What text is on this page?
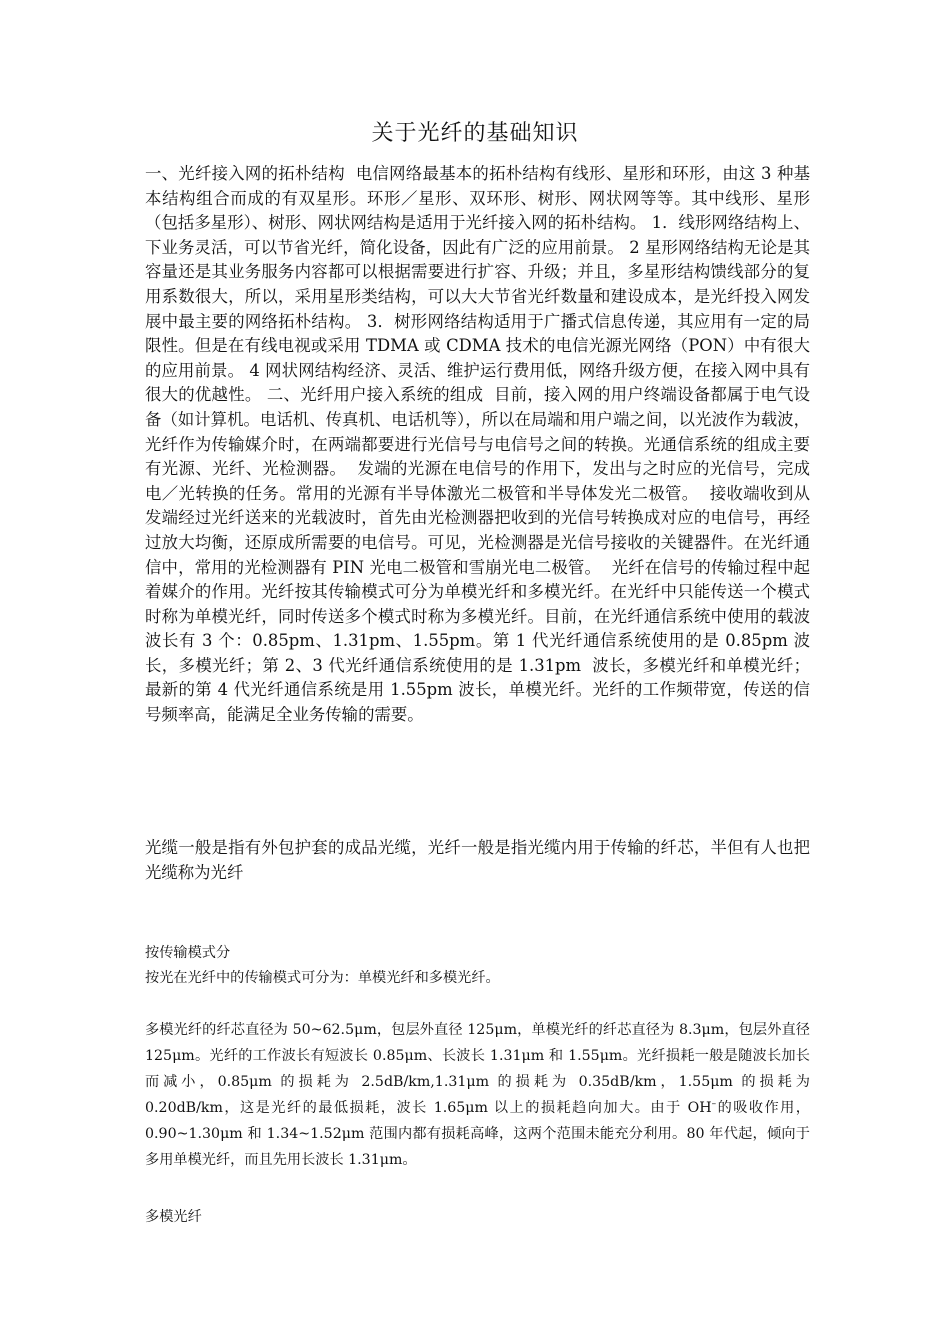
关于光纤的基础知识
一、光纤接入网的拓朴结构  电信网络最基本的拓朴结构有线形、星形和环形，由这 3 种基本结构组合而成的有双星形。环形／星形、双环形、树形、网状网等等。其中线形、星形（包括多星形）、树形、网状网结构是适用于光纤接入网的拓朴结构。 1．线形网络结构上、下业务灵活，可以节省光纤，简化设备，因此有广泛的应用前景。 2 星形网络结构无论是其容量还是其业务服务内容都可以根据需要进行扩容、升级；并且，多星形结构馈线部分的复用系数很大，所以，采用星形类结构，可以大大节省光纤数量和建设成本，是光纤投入网发展中最主要的网络拓朴结构。 3．树形网络结构适用于广播式信息传递，其应用有一定的局限性。但是在有线电视或采用 TDMA 或 CDMA 技术的电信光源光网络（PON）中有很大的应用前景。 4 网状网结构经济、灵活、维护运行费用低，网络升级方便，在接入网中具有很大的优越性。 二、光纤用户接入系统的组成  目前，接入网的用户终端设备都属于电气设备（如计算机。电话机、传真机、电话机等），所以在局端和用户端之间，以光波作为载波，光纤作为传输媒介时，在两端都要进行光信号与电信号之间的转换。光通信系统的组成主要有光源、光纤、光检测器。  发端的光源在电信号的作用下，发出与之时应的光信号，完成电／光转换的任务。常用的光源有半导体激光二极管和半导体发光二极管。  接收端收到从发端经过光纤送来的光载波时，首先由光检测器把收到的光信号转换成对应的电信号，再经过放大均衡，还原成所需要的电信号。可见，光检测器是光信号接收的关键器件。在光纤通信中，常用的光检测器有 PIN 光电二极管和雪崩光电二极管。  光纤在信号的传输过程中起着媒介的作用。光纤按其传输模式可分为单模光纤和多模光纤。在光纤中只能传送一个模式时称为单模光纤，同时传送多个模式时称为多模光纤。目前，在光纤通信系统中使用的载波波长有 3 个：0.85pm、1.31pm、1.55pm。第 1 代光纤通信系统使用的是 0.85pm 波长，多模光纤；第 2、3 代光纤通信系统使用的是 1.31pm  波长，多模光纤和单模光纤；最新的第 4 代光纤通信系统是用 1.55pm 波长，单模光纤。光纤的工作频带宽，传送的信号频率高，能满足全业务传输的需要。
光缆一般是指有外包护套的成品光缆，光纤一般是指光缆内用于传输的纤芯，半但有人也把光缆称为光纤
按传输模式分
按光在光纤中的传输模式可分为：单模光纤和多模光纤。
多模光纤的纤芯直径为 50~62.5μm，包层外直径 125μm，单模光纤的纤芯直径为 8.3μm，包层外直径 125μm。光纤的工作波长有短波长 0.85μm、长波长 1.31μm 和 1.55μm。光纤损耗一般是随波长加长而减小，0.85μm 的损耗为 2.5dB/km,1.31μm 的损耗为 0.35dB/km，1.55μm 的损耗为 0.20dB/km，这是光纤的最低损耗，波长 1.65μm 以上的损耗趋向加大。由于 OH–的吸收作用，0.90~1.30μm 和 1.34~1.52μm 范围内都有损耗高峰，这两个范围未能充分利用。80 年代起，倾向于多用单模光纤，而且先用长波长 1.31μm。
多模光纤
